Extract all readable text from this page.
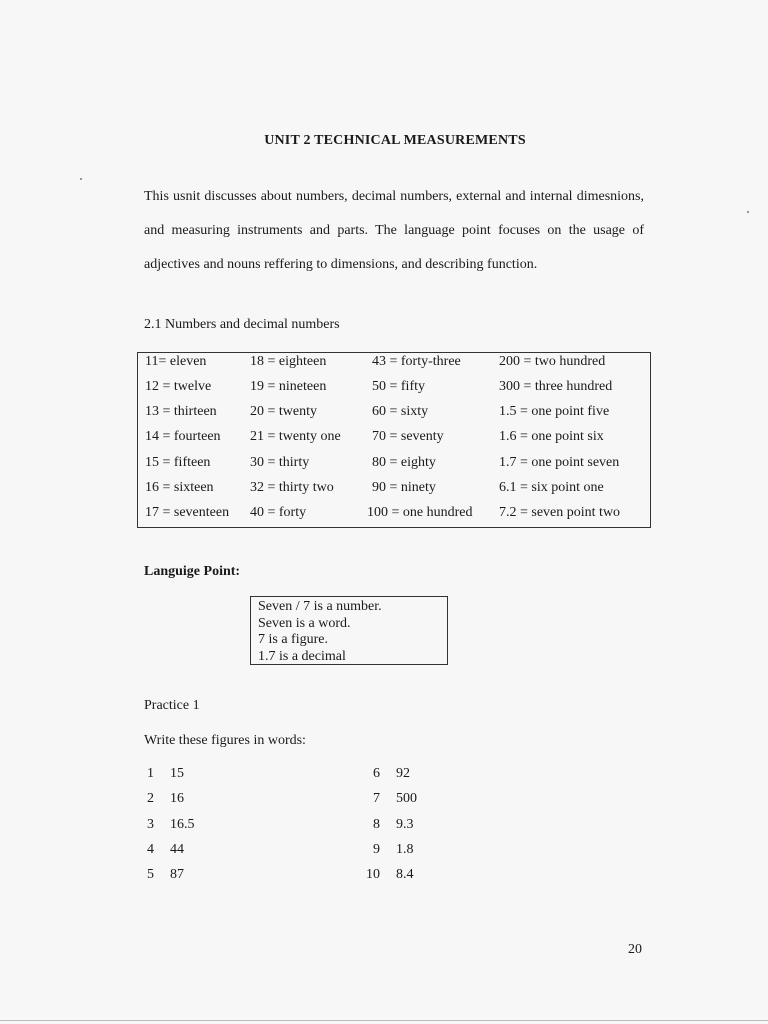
UNIT 2 TECHNICAL MEASUREMENTS

This usnit discusses about numbers, decimal numbers, external and internal dimesnions, and measuring instruments and parts. The language point focuses on the usage of adjectives and nouns reffering to dimensions, and describing function.

2.1 Numbers and decimal numbers
11= eleven
12 = twelve
13 = thirteen
14 = fourteen
15 = fifteen
16 = sixteen
17 = seventeen
18 = eighteen
19 = nineteen
20 = twenty
21 = twenty one
30 = thirty
32 = thirty two
40 = forty
43 = forty-three
50 = fifty
60 = sixty
70 = seventy
80 = eighty
90 = ninety
100 = one hundred
200 = two hundred
300 = three hundred
1.5 = one point five
1.6 = one point six
1.7 = one point seven
6.1 = six point one
7.2 = seven point two
Languige Point:
Seven / 7 is a number.
Seven is a word.
7 is a figure.
1.7 is a decimal
Practice 1
Write these figures in words:
1 15
2 16
3 16.5
4 44
5 87
6 92
7 500
8 9.3
9 1.8
10 8.4
20
